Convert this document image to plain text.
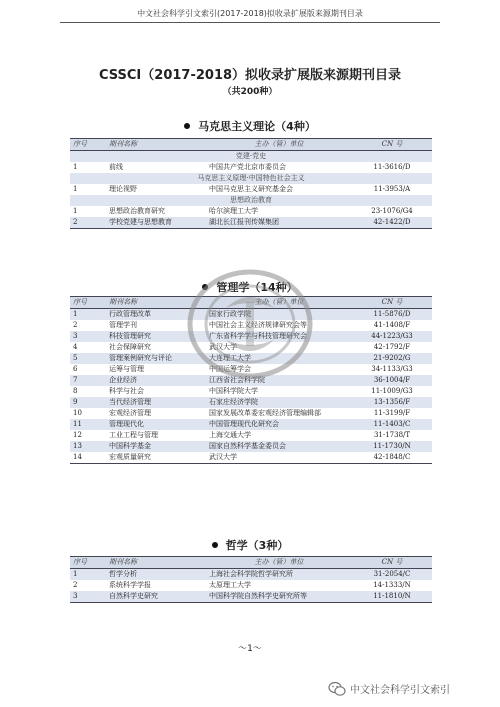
中文社会科学引文索引(2017-2018)拟收录扩展版来源期刊目录
CSSCI（2017-2018）拟收录扩展版来源期刊目录
（共200种）
马克思主义理论（4种）
序号	期刊名称	主办（管）单位	CN 号
党建·党史			
1	前线	中国共产党北京市委员会	11-3616/D
马克思主义原理·中国特色社会主义			
1	理论视野	中国马克思主义研究基金会	11-3953/A
思想政治教育			
1	思想政治教育研究	哈尔滨理工大学	23-1076/G4
2	学校党建与思想教育	湖北长江报刊传媒集团	42-1422/D
管理学（14种）
序号	期刊名称	主办（管）单位	CN 号
1	行政管理改革	国家行政学院	11-5876/D
2	管理学刊	中国社会主义经济规律研究会等	41-1408/F
3	科技管理研究	广东省科学学与科技管理研究会	44-1223/G3
4	社会保障研究	武汉大学	42-1792/F
5	管理案例研究与评论	大连理工大学	21-9202/G
6	运筹与管理	中国运筹学会	34-1133/G3
7	企业经济	江西省社会科学院	36-1004/F
8	科学与社会	中国科学院大学	11-1009/G3
9	当代经济管理	石家庄经济学院	13-1356/F
10	宏观经济管理	国家发展改革委宏观经济管理编辑部	11-3199/F
11	管理现代化	中国管理现代化研究会	11-1403/C
12	工业工程与管理	上海交通大学	31-1738/T
13	中国科学基金	国家自然科学基金委员会	11-1730/N
14	宏观质量研究	武汉大学	42-1848/C
哲学（3种）
序号	期刊名称	主办（管）单位	CN 号
1	哲学分析	上海社会科学院哲学研究所	31-2054/C
2	系统科学学报	太原理工大学	14-1333/N
3	自然科学史研究	中国科学院自然科学史研究所等	11-1810/N
～1～
中文社会科学引文索引
